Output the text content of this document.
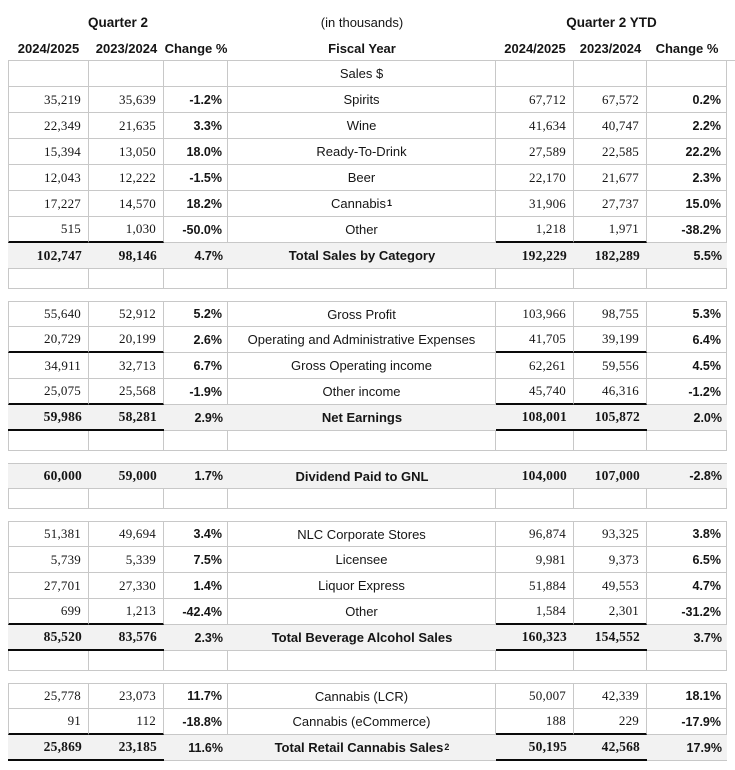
Quarter 2	(in thousands)	Quarter 2 YTD
2024/2025	2023/2024 Change %	Fiscal Year	2024/2025	2023/2024	Change %
Sales $
35,219	35,639	-1.2%	Spirits	67,712	67,572	0.2%
22,349	21,635	3.3%	Wine	41,634	40,747	2.2%
15,394	13,050	18.0%	Ready-To-Drink	27,589	22,585	22.2%
12,043	12,222	-1.5%	Beer	22,170	21,677	2.3%
17,227	14,570	18.2%	Cannabis 1	31,906	27,737	15.0%
515	1,030	-50.0%	Other	1,218	1,971	-38.2%
102,747	98,146	4.7%	Total Sales by Category	192,229	182,289	5.5%
55,640	52,912	5.2%	Gross Profit	103,966	98,755	5.3%
20,729	20,199	2.6%	Operating and Administrative Expenses	41,705	39,199	6.4%
34,911	32,713	6.7%	Gross Operating income	62,261	59,556	4.5%
25,075	25,568	-1.9%	Other income	45,740	46,316	-1.2%
59,986	58,281	2.9%	Net Earnings	108,001	105,872	2.0%
60,000	59,000	1.7%	Dividend Paid to GNL	104,000	107,000	-2.8%
51,381	49,694	3.4%	NLC Corporate Stores	96,874	93,325	3.8%
5,739	5,339	7.5%	Licensee	9,981	9,373	6.5%
27,701	27,330	1.4%	Liquor Express	51,884	49,553	4.7%
699	1,213	-42.4%	Other	1,584	2,301	-31.2%
85,520	83,576	2.3%	Total Beverage Alcohol Sales	160,323	154,552	3.7%
25,778	23,073	11.7%	Cannabis (LCR)	50,007	42,339	18.1%
91	112	-18.8%	Cannabis (eCommerce)	188	229	-17.9%
25,869	23,185	11.6%	Total Retail Cannabis Sales 2	50,195	42,568	17.9%
